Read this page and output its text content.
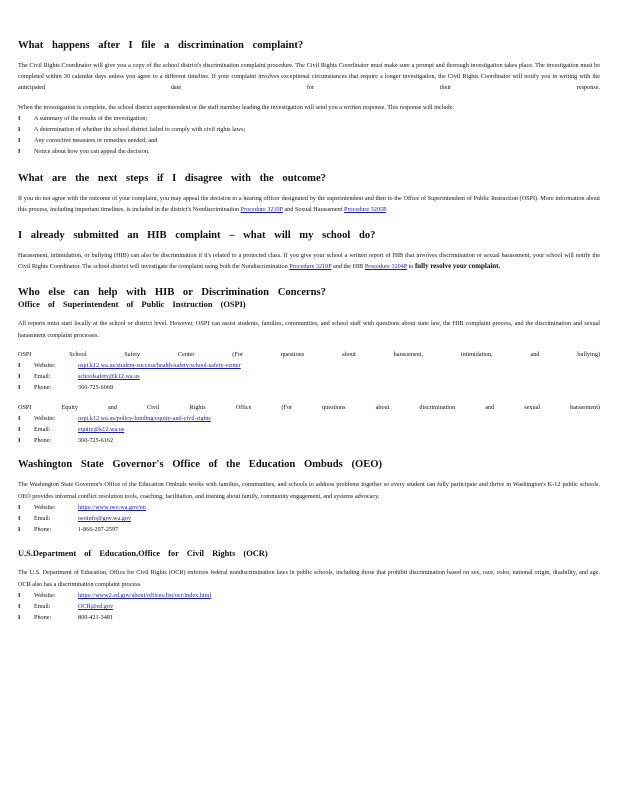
What happens after I file a discrimination complaint?

The Civil Rights Coordinator will give you a copy of the school district's discrimination complaint procedure. The Civil Rights Coordinator must make sure a prompt and thorough investigation takes place. The investigation must be completed within 30 calendar days unless you agree to a different timeline. If your complaint involves exceptional circumstances that require a longer investigation, the Civil Rights Coordinator will notify you in writing with the anticipated date for their response.

When the investigation is complete, the school district superintendent or the staff member leading the investigation will send you a written response. This response will include:

I A summary of the results of the investigation;
I A determination of whether the school district failed to comply with civil rights laws;
I Any corrective measures or remedies needed; and
I Notice about how you can appeal the decision.
What are the next steps if I disagree with the outcome?

If you do not agree with the outcome of your complaint, you may appeal the decision to a hearing officer designated by the superintendent and then to the Office of Superintendent of Public Instruction (OSPI). More information about this process, including important timelines, is included in the district's Nondiscrimination Procedure 3210P and Sexual Harassment Procedure 3205P.

I already submitted an HIB complaint – what will my school do?

Harassment, intimidation, or bullying (HIB) can also be discrimination if it's related to a protected class. If you give your school a written report of HIB that involves discrimination or sexual harassment, your school will notify the Civil Rights Coordinator. The school district will investigate the complaint using both the Nondiscrimination Procedure 3210P and the HIB Procedure 3204P to fully resolve your complaint.

Who else can help with HIB or Discrimination Concerns?
Office of Superintendent of Public Instruction (OSPI)

All reports must start locally at the school or district level. However, OSPI can assist students, families, communities, and school staff with questions about state law, the HIB complaint process, and the discrimination and sexual harassment complaint processes.

OSPI School Safety Center (For questions about harassment, intimidation, and bullying)

I Website:	ospi.k12.wa.us/student-success/health-safety/school-safety-center
I Email:	schoolsafety@k12.wa.us
I Phone:	360-725-6068

OSPI Equity and Civil Rights Office (For questions about discrimination and sexual harassment)

I Website:	ospi.k12.wa.us/policy-funding/equity-and-civil-rights
I Email:	equity@k12.wa.us
I Phone:	360-725-6162
Washington State Governor's Office of the Education Ombuds (OEO)

The Washington State Governor's Office of the Education Ombuds works with families, communities, and schools to address problems together so every student can fully participate and thrive in Washington's K-12 public schools. OEO provides informal conflict resolution tools, coaching, facilitation, and training about family, community engagement, and systems advocacy.

I Website:	https://www.oeo.wa.gov/en
I Email:	oeoinfo@gov.wa.gov
I Phone:	1-866-297-2597
U.S.Department of Education,Office for Civil Rights (OCR)

The U.S. Department of Education, Office for Civil Rights (OCR) enforces federal nondiscrimination laws in public schools, including those that prohibit discrimination based on sex, race, color, national origin, disability, and age. OCR also has a discrimination complaint process.

I Website:	https://www2.ed.gov/about/offices/list/ocr/index.html
I Email:	OCR@ed.gov
I Phone:	800-421-3481
